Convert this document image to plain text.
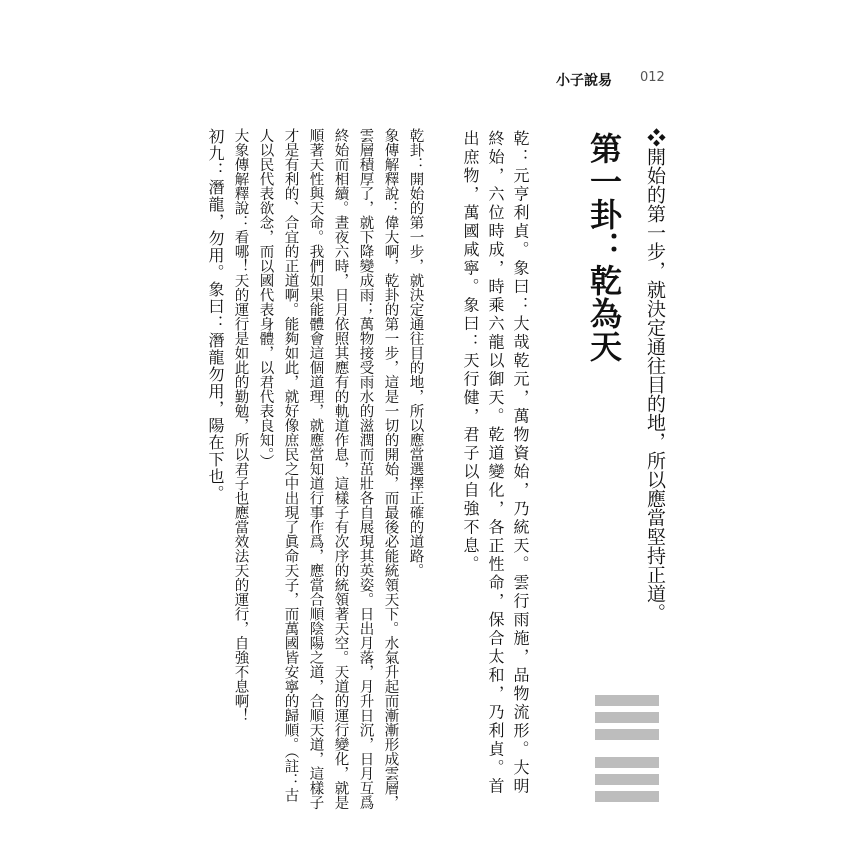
小子說易 012
❖開始的第一步，就決定通往目的地，所以應當堅持正道。
第一卦：乾為天
乾：元亨利貞。象曰：大哉乾元，萬物資始，乃統天。雲行雨施，品物流形。大明
終始，六位時成，時乘六龍以御天。乾道變化，各正性命，保合太和，乃利貞。首
出庶物，萬國咸寧。象曰：天行健，君子以自強不息。
乾卦：開始的第一步，就決定通往目的地，所以應當選擇正確的道路。
象傳解釋說：偉大啊，乾卦的第一步，這是一切的開始，而最後必能統領天下。水氣升起而漸漸形成雲層，
雲層積厚了，就下降變成雨；萬物接受雨水的滋潤而茁壯各自展現其英姿。日出月落，月升日沉，日月互爲
終始而相續。晝夜六時，日月依照其應有的軌道作息，這樣子有次序的統領著天空。天道的運行變化，就是
順著天性與天命。我們如果能體會這個道理，就應當知道行事作爲，應當合順陰陽之道，合順天道，這樣子
才是有利的、合宜的正道啊。能夠如此，就好像庶民之中出現了眞命天子，而萬國皆安寧的歸順。（註：古
人以民代表欲念，而以國代表身體，以君代表良知。）
大象傳解釋說：看哪！天的運行是如此的勤勉，所以君子也應當效法天的運行，自強不息啊！
初九：潛龍，勿用。象曰：潛龍勿用，陽在下也。
